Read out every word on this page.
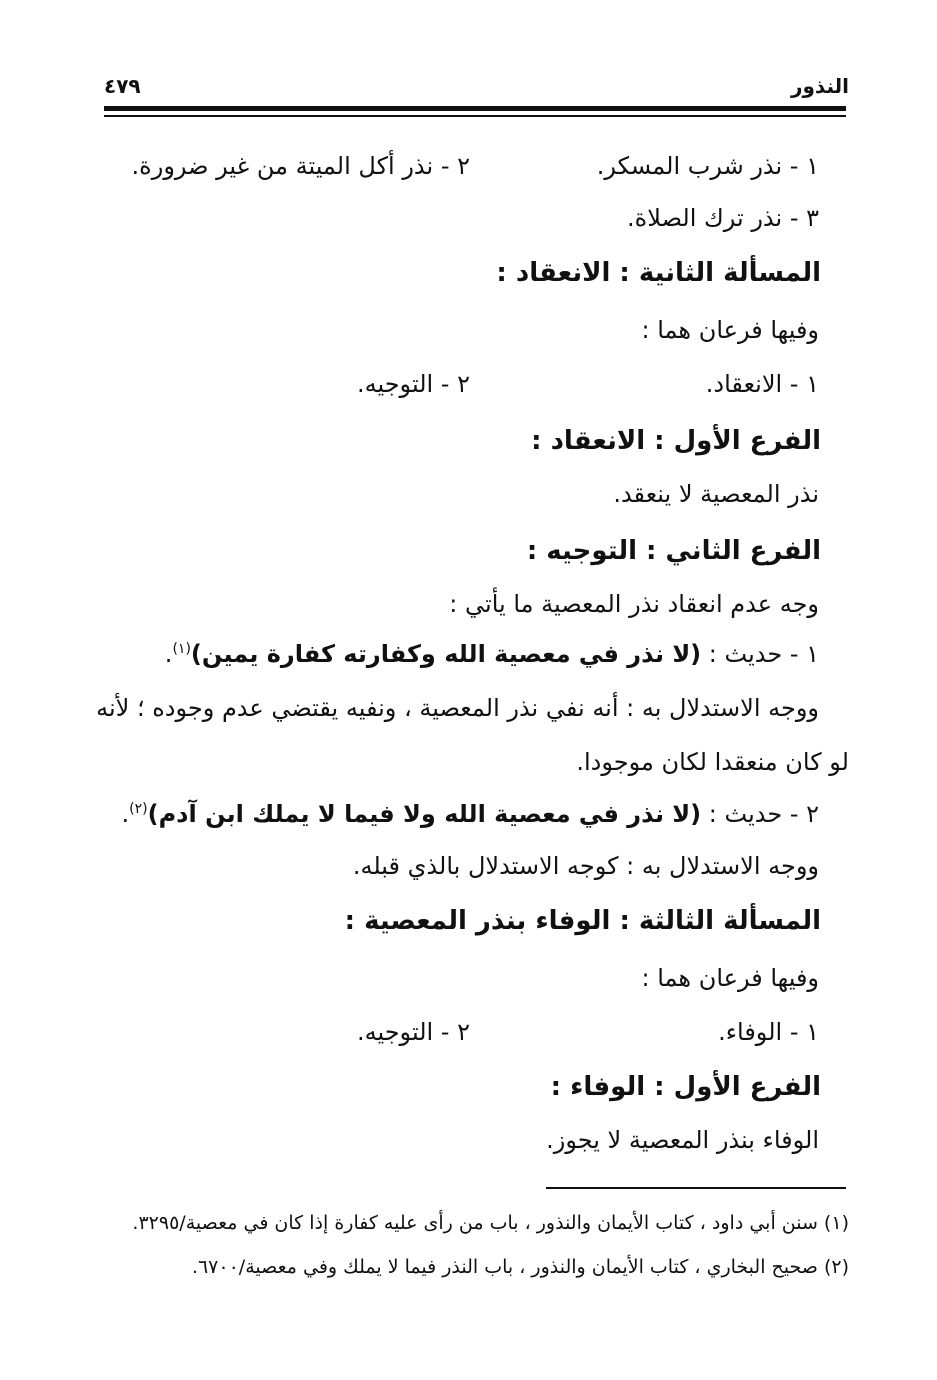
النذور
٤٧٩
١ - نذر شرب المسكر.
٢ - نذر أكل الميتة من غير ضرورة.
٣ - نذر ترك الصلاة.
المسألة الثانية : الانعقاد :
وفيها فرعان هما :
١ - الانعقاد.
٢ - التوجيه.
الفرع الأول : الانعقاد :
نذر المعصية لا ينعقد.
الفرع الثاني : التوجيه :
وجه عدم انعقاد نذر المعصية ما يأتي :
١ - حديث : (لا نذر في معصية الله وكفارته كفارة يمين)$^{(١)}$.
ووجه الاستدلال به : أنه نفي نذر المعصية ، ونفيه يقتضي عدم وجوده ؛ لأنه
لو كان منعقدا لكان موجودا.
٢ - حديث : (لا نذر في معصية الله ولا فيما لا يملك ابن آدم)$^{(٢)}$.
ووجه الاستدلال به : كوجه الاستدلال بالذي قبله.
المسألة الثالثة : الوفاء بنذر المعصية :
وفيها فرعان هما :
١ - الوفاء.
٢ - التوجيه.
الفرع الأول : الوفاء :
الوفاء بنذر المعصية لا يجوز.
(١) سنن أبي داود ، كتاب الأيمان والنذور ، باب من رأى عليه كفارة إذا كان في معصية/٣٢٩٥.
(٢) صحيح البخاري ، كتاب الأيمان والنذور ، باب النذر فيما لا يملك وفي معصية/٦٧٠٠.
